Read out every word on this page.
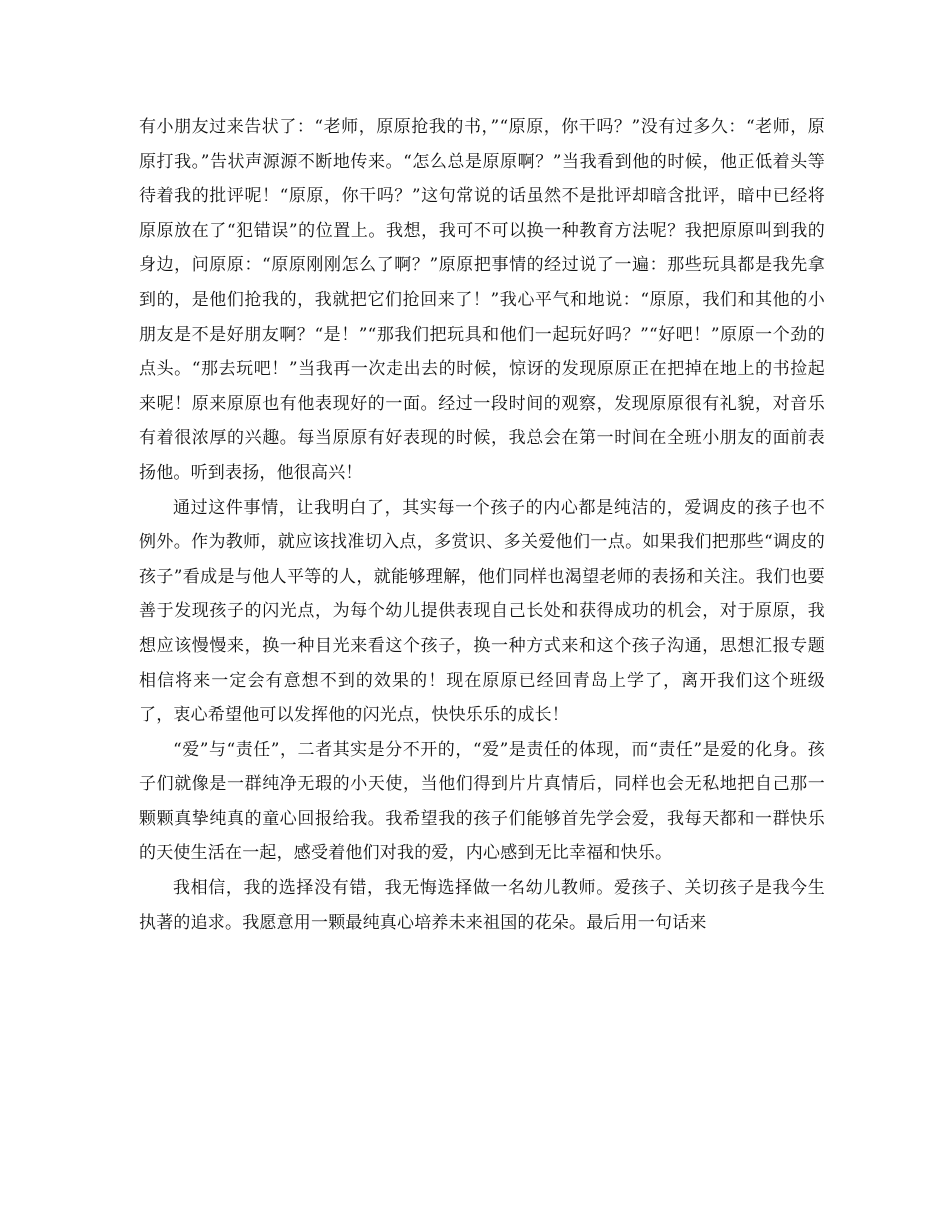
有小朋友过来告状了：“老师，原原抢我的书，”“原原，你干吗？”没有过多久：“老师，原原打我。”告状声源源不断地传来。“怎么总是原原啊？”当我看到他的时候，他正低着头等待着我的批评呢！“原原，你干吗？”这句常说的话虽然不是批评却暗含批评，暗中已经将原原放在了“犯错误”的位置上。我想，我可不可以换一种教育方法呢？我把原原叫到我的身边，问原原：“原原刚刚怎么了啊？”原原把事情的经过说了一遍：那些玩具都是我先拿到的，是他们抢我的，我就把它们抢回来了！”我心平气和地说：“原原，我们和其他的小朋友是不是好朋友啊？“是！”“那我们把玩具和他们一起玩好吗？”“好吧！”原原一个劲的点头。“那去玩吧！”当我再一次走出去的时候，惊讶的发现原原正在把掉在地上的书捡起来呢！原来原原也有他表现好的一面。经过一段时间的观察，发现原原很有礼貌，对音乐有着很浓厚的兴趣。每当原原有好表现的时候，我总会在第一时间在全班小朋友的面前表扬他。听到表扬，他很高兴！

通过这件事情，让我明白了，其实每一个孩子的内心都是纯洁的，爱调皮的孩子也不例外。作为教师，就应该找准切入点，多赏识、多关爱他们一点。如果我们把那些“调皮的孩子”看成是与他人平等的人，就能够理解，他们同样也渴望老师的表扬和关注。我们也要善于发现孩子的闪光点，为每个幼儿提供表现自己长处和获得成功的机会，对于原原，我想应该慢慢来，换一种目光来看这个孩子，换一种方式来和这个孩子沟通，思想汇报专题相信将来一定会有意想不到的效果的！现在原原已经回青岛上学了，离开我们这个班级了，衷心希望他可以发挥他的闪光点，快快乐乐的成长！

“爱”与“责任”，二者其实是分不开的，“爱”是责任的体现，而“责任”是爱的化身。孩子们就像是一群纯净无瑕的小天使，当他们得到片片真情后，同样也会无私地把自己那一颗颗真挚纯真的童心回报给我。我希望我的孩子们能够首先学会爱，我每天都和一群快乐的天使生活在一起，感受着他们对我的爱，内心感到无比幸福和快乐。

我相信，我的选择没有错，我无悔选择做一名幼儿教师。爱孩子、关切孩子是我今生执著的追求。我愿意用一颗最纯真心培养未来祖国的花朵。最后用一句话来
